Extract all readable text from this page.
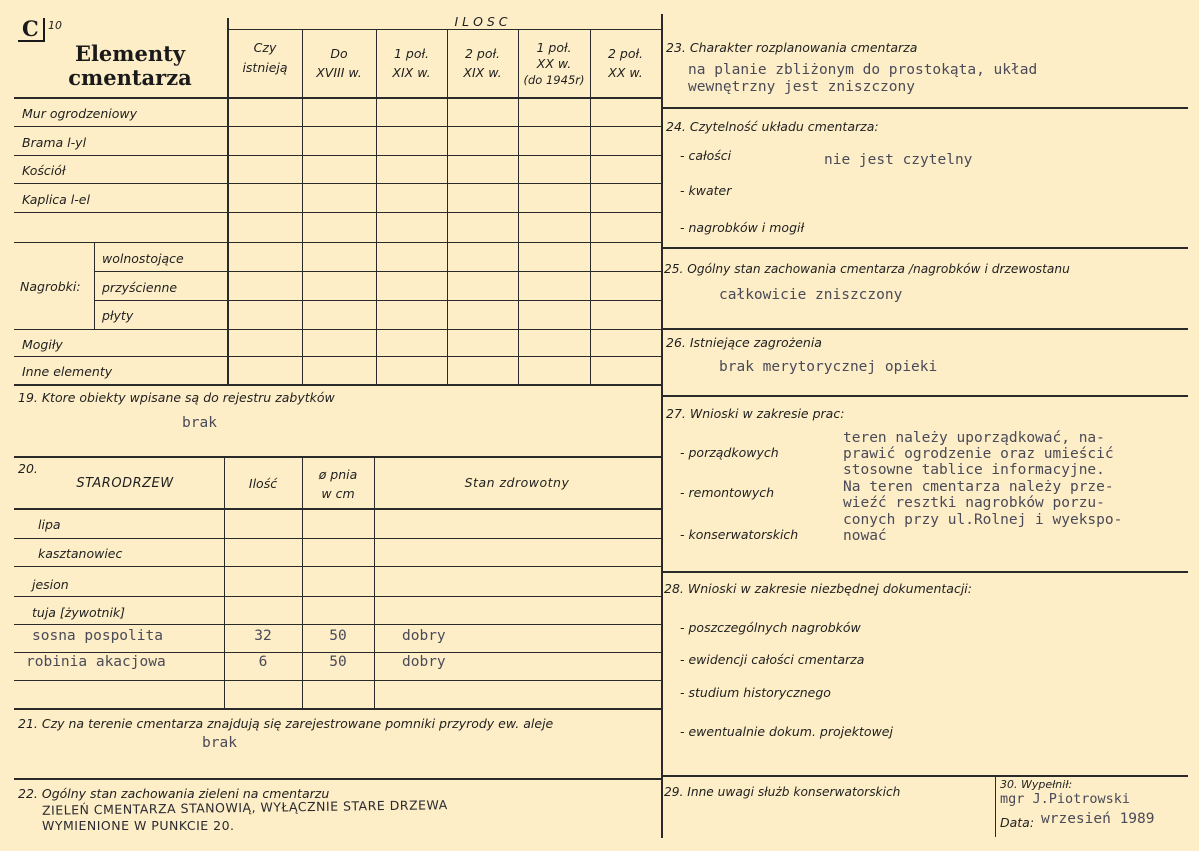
C 10
Elementy
cmentarza
Czy
istnieją
I L O S C
Do
XVIII w.
1 poł.
XIX w.
2 poł.
XIX w.
1 poł.
XX w.
(do 1945r)
2 poł.
XX w.
Mur ogrodzeniowy
Brama l-yl
Kościół
Kaplica l-el
Nagrobki:
wolnostojące
przyścienne
płyty
Mogiły
Inne elementy
19. Ktore obiekty wpisane są do rejestru zabytków
brak
20.
STARODRZEW	Ilość
ø pnia
w cm
Stan zdrowotny
lipa
kasztanowiec
jesion
tuja [żywotnik]
sosna pospolita
robinia akacjowa
32
6
50
50
dobry
dobry
21. Czy na terenie cmentarza znajdują się zarejestrowane pomniki przyrody ew. aleje
brak
22. Ogólny stan zachowania zieleni na cmentarzu
ZIELEŃ CMENTARZA STANOWIĄ, WYŁĄCZNIE STARE DRZEWA
WYMIENIONE W PUNKCIE 20.
23. Charakter rozplanowania cmentarza
na planie zbliżonym do prostokąta, układ
wewnętrzny jest zniszczony
24. Czytelność układu cmentarza:
- całości	nie jest czytelny
- kwater
- nagrobków i mogił
25. Ogólny stan zachowania cmentarza /nagrobków i drzewostanu
całkowicie zniszczony
26. Istniejące zagrożenia
brak merytorycznej opieki
27. Wnioski w zakresie prac:
- porządkowych
- remontowych
- konserwatorskich
teren należy uporządkować, na-
prawić ogrodzenie oraz umieścić
stosowne tablice informacyjne.
Na teren cmentarza należy prze-
wieźć resztki nagrobków porzu-
conych przy ul.Rolnej i wyekspo-
nować
28. Wnioski w zakresie niezbędnej dokumentacji:
- poszczególnych nagrobków
- ewidencji całości cmentarza
- studium historycznego
- ewentualnie dokum. projektowej
29. Inne uwagi służb konserwatorskich
30. Wypełnił:
mgr J.Piotrowski
Data: wrzesień 1989
